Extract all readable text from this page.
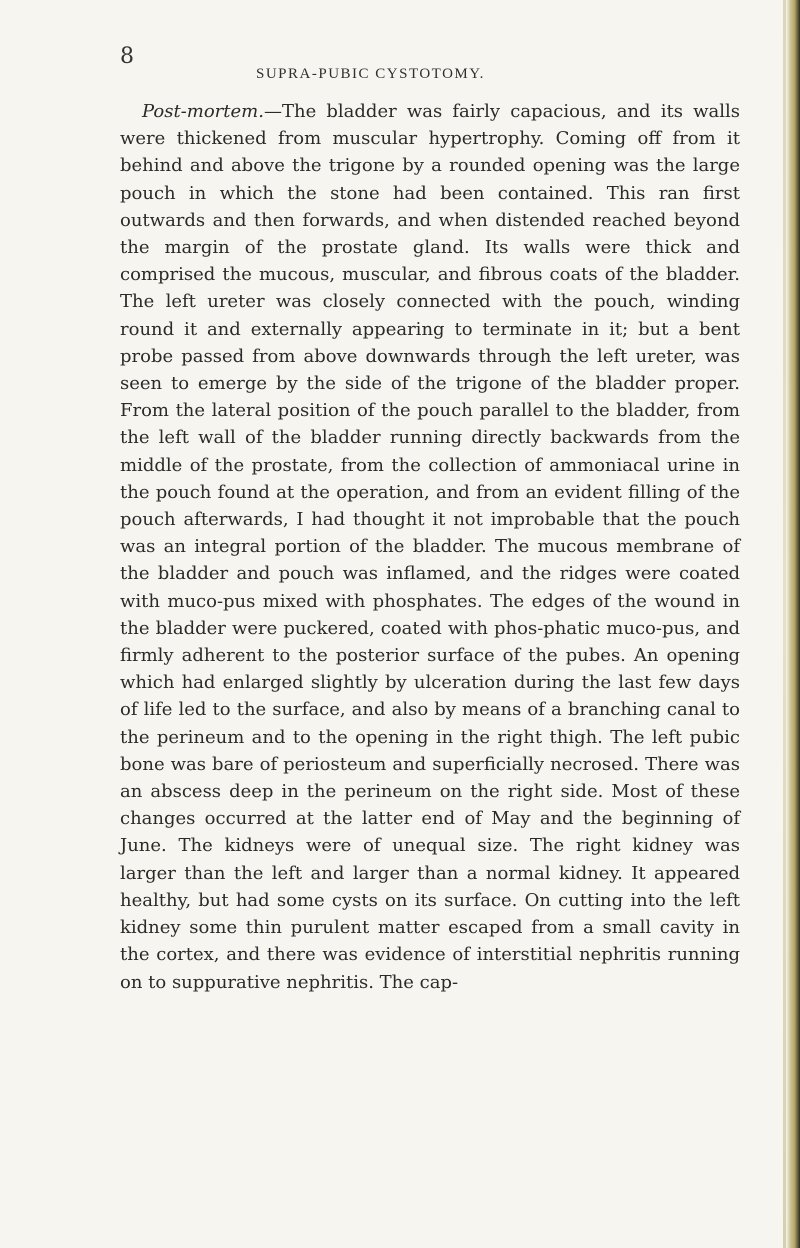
8
SUPRA-PUBIC CYSTOTOMY.

Post-mortem.—The bladder was fairly capacious, and its walls were thickened from muscular hypertrophy. Coming off from it behind and above the trigone by a rounded opening was the large pouch in which the stone had been contained. This ran first outwards and then forwards, and when distended reached beyond the margin of the prostate gland. Its walls were thick and comprised the mucous, muscular, and fibrous coats of the bladder. The left ureter was closely connected with the pouch, winding round it and externally appearing to terminate in it; but a bent probe passed from above downwards through the left ureter, was seen to emerge by the side of the trigone of the bladder proper. From the lateral position of the pouch parallel to the bladder, from the left wall of the bladder running directly backwards from the middle of the prostate, from the collection of ammoniacal urine in the pouch found at the operation, and from an evident filling of the pouch afterwards, I had thought it not improbable that the pouch was an integral portion of the bladder. The mucous membrane of the bladder and pouch was inflamed, and the ridges were coated with muco-pus mixed with phosphates. The edges of the wound in the bladder were puckered, coated with phos-phatic muco-pus, and firmly adherent to the posterior surface of the pubes. An opening which had enlarged slightly by ulceration during the last few days of life led to the surface, and also by means of a branching canal to the perineum and to the opening in the right thigh. The left pubic bone was bare of periosteum and superficially necrosed. There was an abscess deep in the perineum on the right side. Most of these changes occurred at the latter end of May and the beginning of June. The kidneys were of unequal size. The right kidney was larger than the left and larger than a normal kidney. It appeared healthy, but had some cysts on its surface. On cutting into the left kidney some thin purulent matter escaped from a small cavity in the cortex, and there was evidence of interstitial nephritis running on to suppurative nephritis. The cap-
